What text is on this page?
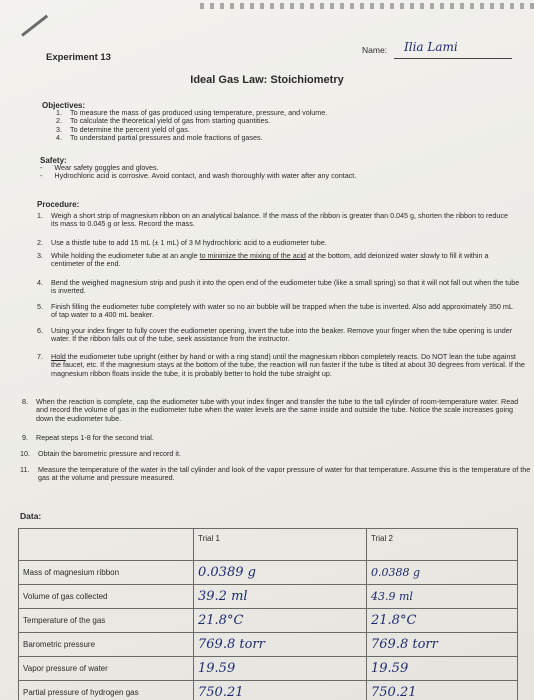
Experiment 13
Name: Ilia Lami
Ideal Gas Law: Stoichiometry
Objectives:
1. To measure the mass of gas produced using temperature, pressure, and volume.
2. To calculate the theoretical yield of gas from starting quantities.
3. To determine the percent yield of gas.
4. To understand partial pressures and mole fractions of gases.
Safety:
- Wear safety goggles and gloves.
- Hydrochloric acid is corrosive. Avoid contact, and wash thoroughly with water after any contact.
Procedure:
1.	Weigh a short strip of magnesium ribbon on an analytical balance. If the mass of the ribbon is greater than 0.045 g, shorten the ribbon to reduce its mass to 0.045 g or less. Record the mass.
2.	Use a thistle tube to add 15 mL (± 1 mL) of 3 M hydrochloric acid to a eudiometer tube.
3.	While holding the eudiometer tube at an angle to minimize the mixing of the acid at the bottom, add deionized water slowly to fill it within a centimeter of the end.
4.	Bend the weighed magnesium strip and push it into the open end of the eudiometer tube (like a small spring) so that it will not fall out when the tube is inverted.
5.	Finish filling the eudiometer tube completely with water so no air bubble will be trapped when the tube is inverted. Also add approximately 350 mL of tap water to a 400 mL beaker.
6.	Using your index finger to fully cover the eudiometer opening, invert the tube into the beaker. Remove your finger when the tube opening is under water. If the ribbon falls out of the tube, seek assistance from the instructor.
7.	Hold the eudiometer tube upright (either by hand or with a ring stand) until the magnesium ribbon completely reacts. Do NOT lean the tube against the faucet, etc. If the magnesium stays at the bottom of the tube, the reaction will run faster if the tube is tilted at about 30 degrees from vertical. If the magnesium ribbon floats inside the tube, it is probably better to hold the tube straight up.
8.	When the reaction is complete, cap the eudiometer tube with your index finger and transfer the tube to the tall cylinder of room-temperature water. Read and record the volume of gas in the eudiometer tube when the water levels are the same inside and outside the tube. Notice the scale increases going down the eudiometer tube.
9.	Repeat steps 1-8 for the second trial.
10.	Obtain the barometric pressure and record it.
11.	Measure the temperature of the water in the tall cylinder and look of the vapor pressure of water for that temperature. Assume this is the temperature of the gas at the volume and pressure measured.
Data:
	Trial 1	Trial 2
Mass of magnesium ribbon	0.0389 g	0.0388 g
Volume of gas collected	39.2 ml	43.9 ml
Temperature of the gas	21.8°C	21.8°C
Barometric pressure	769.8 torr	769.8 torr
Vapor pressure of water	19.59	19.59
Partial pressure of hydrogen gas	750.21	750.21
